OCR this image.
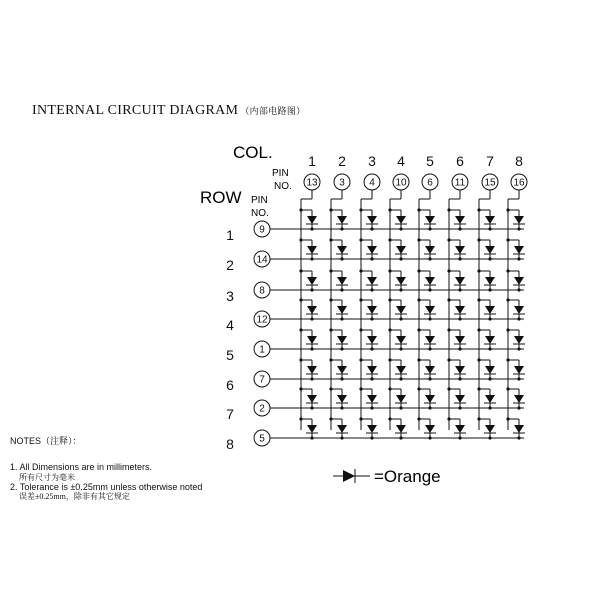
INTERNAL CIRCUIT DIAGRAM （内部电路图）
COL.
PIN
NO.
ROW PIN
NO.
1 2 3 4 5 6 7 8
13 3 4 10 6 11 15 16
1
2
3
4
5
6
7
8
9
14
8
12
1
7
2
5
=Orange
NOTES（注释）：
1. All Dimensions are in millimeters.
所有尺寸为毫米
2. Tolerance is ±0.25mm unless otherwise noted
误差±0.25mm，除非有其它规定
